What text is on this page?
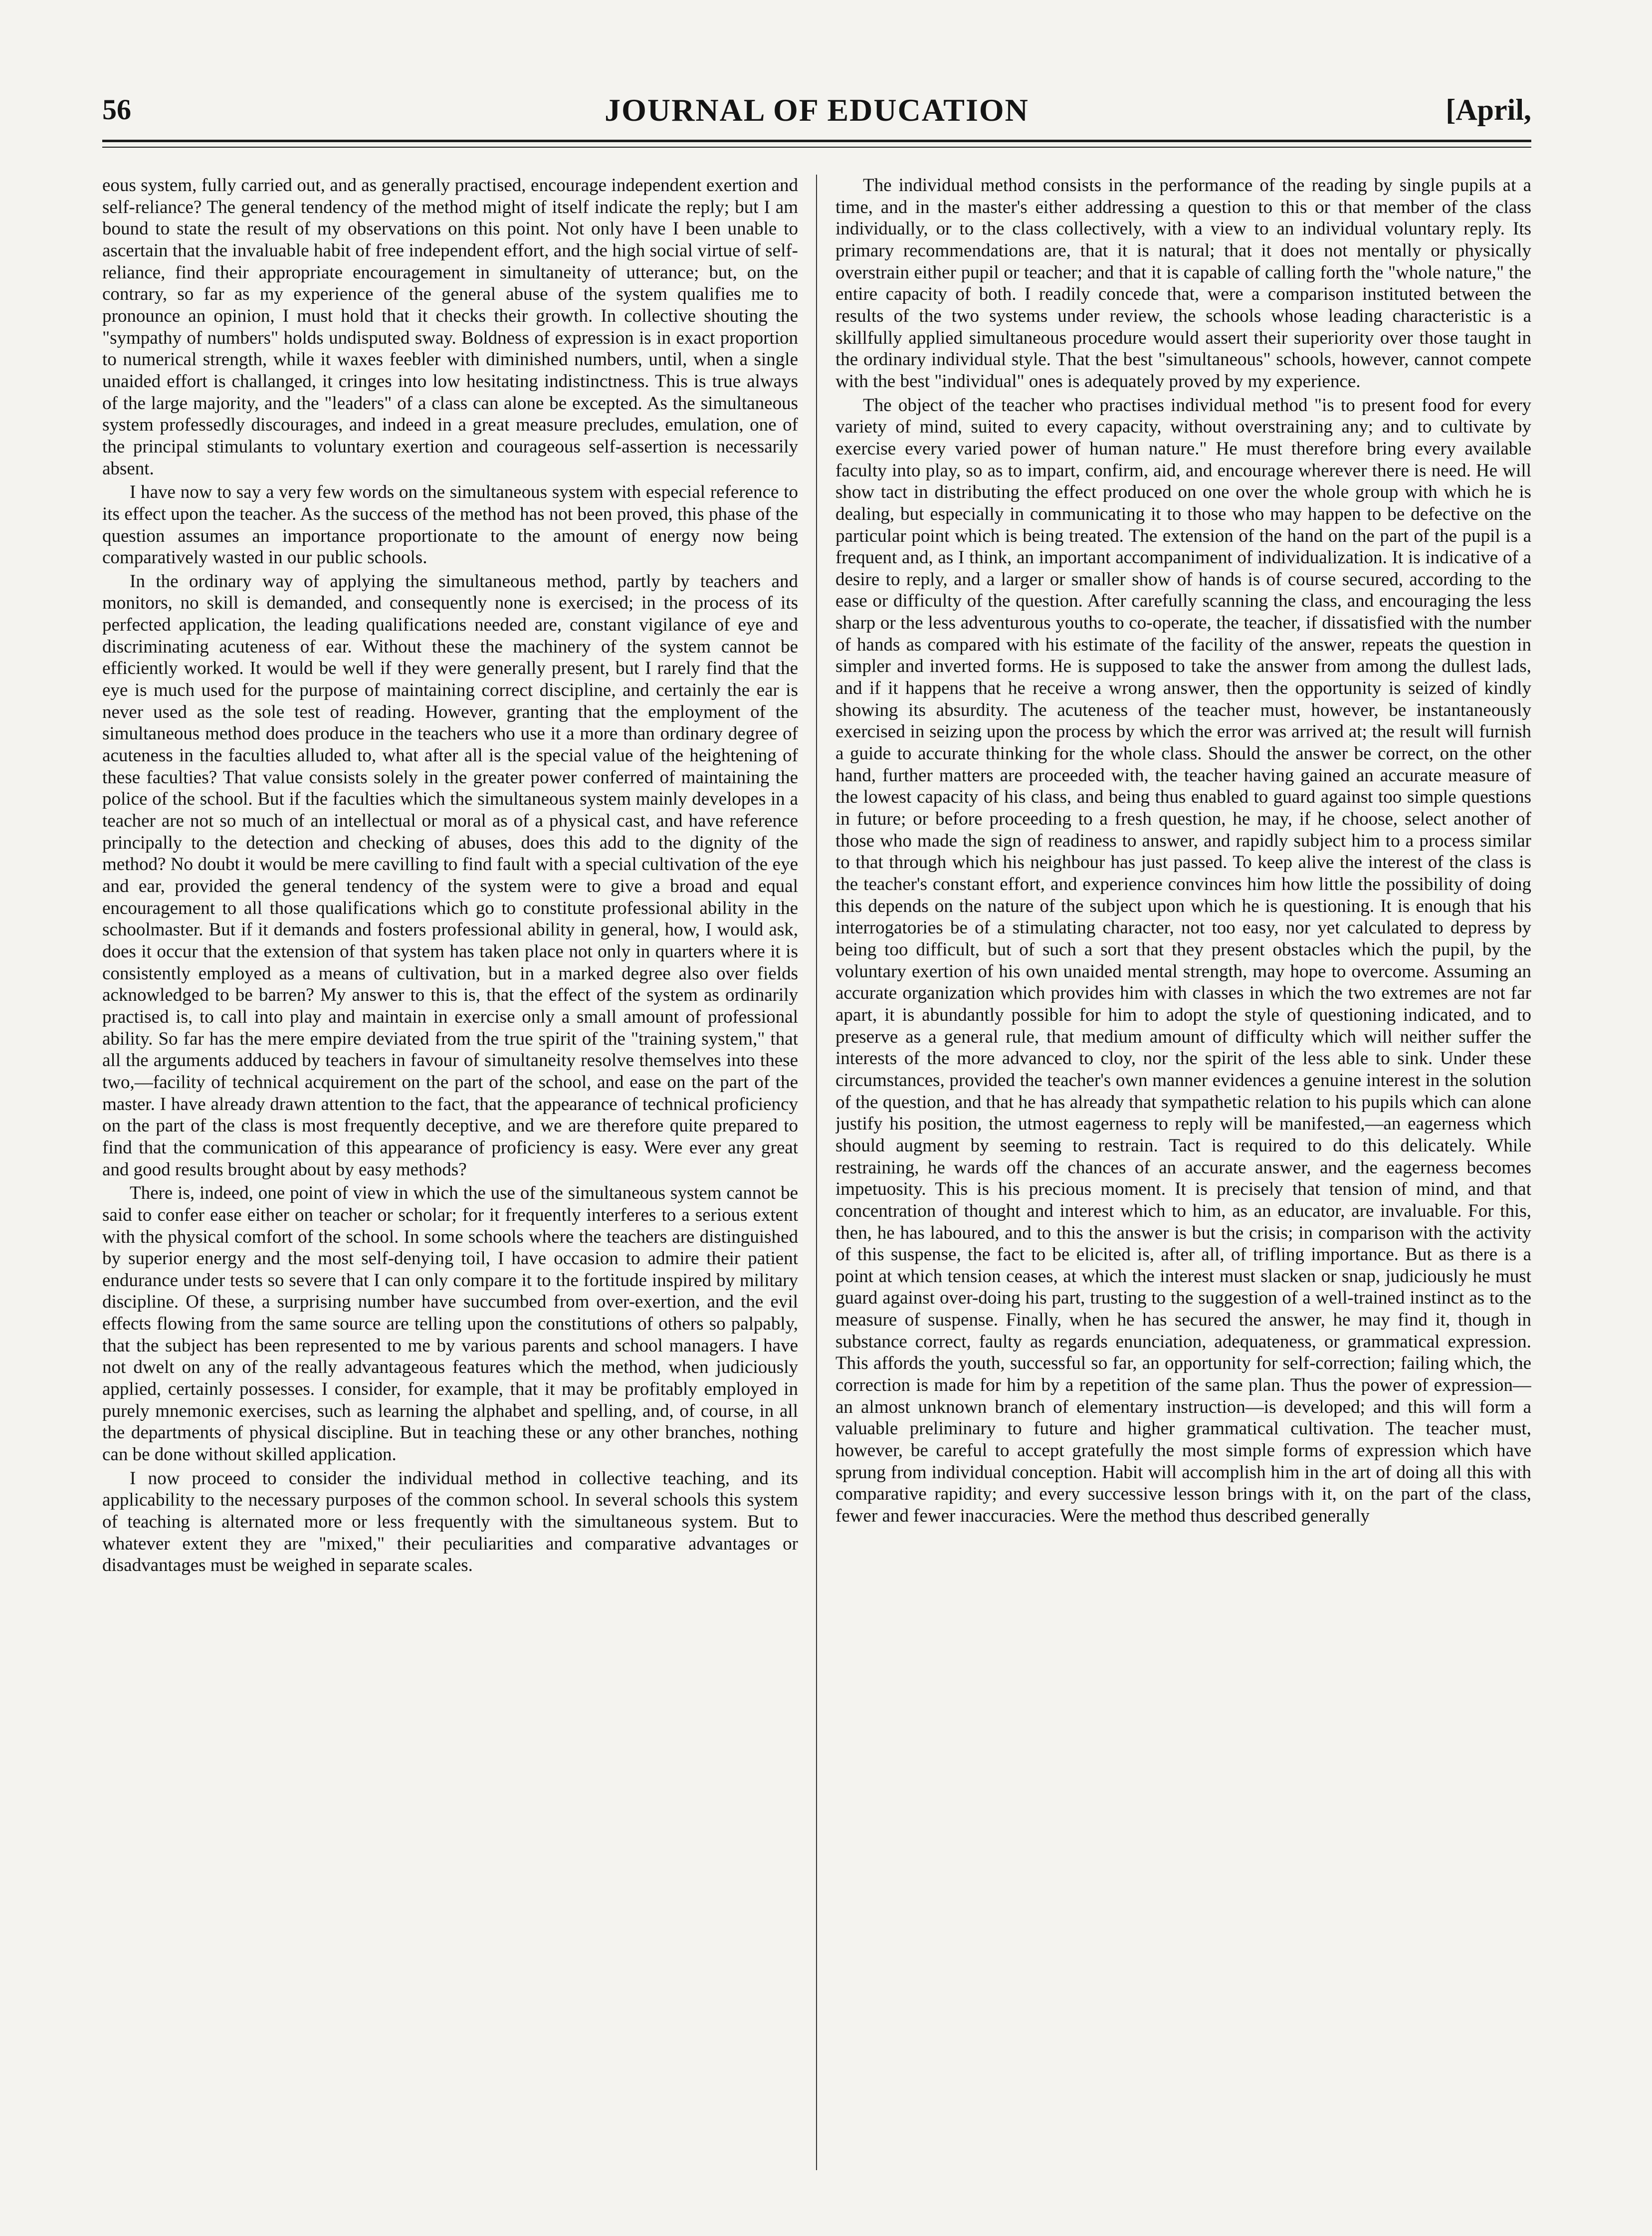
56	JOURNAL OF EDUCATION	[April,

eous system, fully carried out, and as generally practised, encourage independent exertion and self-reliance? The general tendency of the method might of itself indicate the reply; but I am bound to state the result of my observations on this point. Not only have I been unable to ascertain that the invaluable habit of free independent effort, and the high social virtue of self-reliance, find their appropriate encouragement in simultaneity of utterance; but, on the contrary, so far as my experience of the general abuse of the system qualifies me to pronounce an opinion, I must hold that it checks their growth. In collective shouting the "sympathy of numbers" holds undisputed sway. Boldness of expression is in exact proportion to numerical strength, while it waxes feebler with diminished numbers, until, when a single unaided effort is challanged, it cringes into low hesitating indistinctness. This is true always of the large majority, and the "leaders" of a class can alone be excepted. As the simultaneous system professedly discourages, and indeed in a great measure precludes, emulation, one of the principal stimulants to voluntary exertion and courageous self-assertion is necessarily absent.

I have now to say a very few words on the simultaneous system with especial reference to its effect upon the teacher. As the success of the method has not been proved, this phase of the question assumes an importance proportionate to the amount of energy now being comparatively wasted in our public schools.

In the ordinary way of applying the simultaneous method, partly by teachers and monitors, no skill is demanded, and consequently none is exercised; in the process of its perfected application, the leading qualifications needed are, constant vigilance of eye and discriminating acuteness of ear. Without these the machinery of the system cannot be efficiently worked. It would be well if they were generally present, but I rarely find that the eye is much used for the purpose of maintaining correct discipline, and certainly the ear is never used as the sole test of reading. However, granting that the employment of the simultaneous method does produce in the teachers who use it a more than ordinary degree of acuteness in the faculties alluded to, what after all is the special value of the heightening of these faculties? That value consists solely in the greater power conferred of maintaining the police of the school. But if the faculties which the simultaneous system mainly developes in a teacher are not so much of an intellectual or moral as of a physical cast, and have reference principally to the detection and checking of abuses, does this add to the dignity of the method? No doubt it would be mere cavilling to find fault with a special cultivation of the eye and ear, provided the general tendency of the system were to give a broad and equal encouragement to all those qualifications which go to constitute professional ability in the schoolmaster. But if it demands and fosters professional ability in general, how, I would ask, does it occur that the extension of that system has taken place not only in quarters where it is consistently employed as a means of cultivation, but in a marked degree also over fields acknowledged to be barren? My answer to this is, that the effect of the system as ordinarily practised is, to call into play and maintain in exercise only a small amount of professional ability. So far has the mere empire deviated from the true spirit of the "training system," that all the arguments adduced by teachers in favour of simultaneity resolve themselves into these two,—facility of technical acquirement on the part of the school, and ease on the part of the master. I have already drawn attention to the fact, that the appearance of technical proficiency on the part of the class is most frequently deceptive, and we are therefore quite prepared to find that the communication of this appearance of proficiency is easy. Were ever any great and good results brought about by easy methods?

There is, indeed, one point of view in which the use of the simultaneous system cannot be said to confer ease either on teacher or scholar; for it frequently interferes to a serious extent with the physical comfort of the school. In some schools where the teachers are distinguished by superior energy and the most self-denying toil, I have occasion to admire their patient endurance under tests so severe that I can only compare it to the fortitude inspired by military discipline. Of these, a surprising number have succumbed from over-exertion, and the evil effects flowing from the same source are telling upon the constitutions of others so palpably, that the subject has been represented to me by various parents and school managers. I have not dwelt on any of the really advantageous features which the method, when judiciously applied, certainly possesses. I consider, for example, that it may be profitably employed in purely mnemonic exercises, such as learning the alphabet and spelling, and, of course, in all the departments of physical discipline. But in teaching these or any other branches, nothing can be done without skilled application.

I now proceed to consider the individual method in collective teaching, and its applicability to the necessary purposes of the common school. In several schools this system of teaching is alternated more or less frequently with the simultaneous system. But to whatever extent they are "mixed," their peculiarities and comparative advantages or disadvantages must be weighed in separate scales.

The individual method consists in the performance of the reading by single pupils at a time, and in the master's either addressing a question to this or that member of the class individually, or to the class collectively, with a view to an individual voluntary reply. Its primary recommendations are, that it is natural; that it does not mentally or physically overstrain either pupil or teacher; and that it is capable of calling forth the "whole nature," the entire capacity of both. I readily concede that, were a comparison instituted between the results of the two systems under review, the schools whose leading characteristic is a skillfully applied simultaneous procedure would assert their superiority over those taught in the ordinary individual style. That the best "simultaneous" schools, however, cannot compete with the best "individual" ones is adequately proved by my experience.

The object of the teacher who practises individual method "is to present food for every variety of mind, suited to every capacity, without overstraining any; and to cultivate by exercise every varied power of human nature." He must therefore bring every available faculty into play, so as to impart, confirm, aid, and encourage wherever there is need. He will show tact in distributing the effect produced on one over the whole group with which he is dealing, but especially in communicating it to those who may happen to be defective on the particular point which is being treated. The extension of the hand on the part of the pupil is a frequent and, as I think, an important accompaniment of individualization. It is indicative of a desire to reply, and a larger or smaller show of hands is of course secured, according to the ease or difficulty of the question. After carefully scanning the class, and encouraging the less sharp or the less adventurous youths to co-operate, the teacher, if dissatisfied with the number of hands as compared with his estimate of the facility of the answer, repeats the question in simpler and inverted forms. He is supposed to take the answer from among the dullest lads, and if it happens that he receive a wrong answer, then the opportunity is seized of kindly showing its absurdity. The acuteness of the teacher must, however, be instantaneously exercised in seizing upon the process by which the error was arrived at; the result will furnish a guide to accurate thinking for the whole class. Should the answer be correct, on the other hand, further matters are proceeded with, the teacher having gained an accurate measure of the lowest capacity of his class, and being thus enabled to guard against too simple questions in future; or before proceeding to a fresh question, he may, if he choose, select another of those who made the sign of readiness to answer, and rapidly subject him to a process similar to that through which his neighbour has just passed. To keep alive the interest of the class is the teacher's constant effort, and experience convinces him how little the possibility of doing this depends on the nature of the subject upon which he is questioning. It is enough that his interrogatories be of a stimulating character, not too easy, nor yet calculated to depress by being too difficult, but of such a sort that they present obstacles which the pupil, by the voluntary exertion of his own unaided mental strength, may hope to overcome. Assuming an accurate organization which provides him with classes in which the two extremes are not far apart, it is abundantly possible for him to adopt the style of questioning indicated, and to preserve as a general rule, that medium amount of difficulty which will neither suffer the interests of the more advanced to cloy, nor the spirit of the less able to sink. Under these circumstances, provided the teacher's own manner evidences a genuine interest in the solution of the question, and that he has already that sympathetic relation to his pupils which can alone justify his position, the utmost eagerness to reply will be manifested,—an eagerness which should augment by seeming to restrain. Tact is required to do this delicately. While restraining, he wards off the chances of an accurate answer, and the eagerness becomes impetuosity. This is his precious moment. It is precisely that tension of mind, and that concentration of thought and interest which to him, as an educator, are invaluable. For this, then, he has laboured, and to this the answer is but the crisis; in comparison with the activity of this suspense, the fact to be elicited is, after all, of trifling importance. But as there is a point at which tension ceases, at which the interest must slacken or snap, judiciously he must guard against over-doing his part, trusting to the suggestion of a well-trained instinct as to the measure of suspense. Finally, when he has secured the answer, he may find it, though in substance correct, faulty as regards enunciation, adequateness, or grammatical expression. This affords the youth, successful so far, an opportunity for self-correction; failing which, the correction is made for him by a repetition of the same plan. Thus the power of expression—an almost unknown branch of elementary instruction—is developed; and this will form a valuable preliminary to future and higher grammatical cultivation. The teacher must, however, be careful to accept gratefully the most simple forms of expression which have sprung from individual conception. Habit will accomplish him in the art of doing all this with comparative rapidity; and every successive lesson brings with it, on the part of the class, fewer and fewer inaccuracies. Were the method thus described generally
